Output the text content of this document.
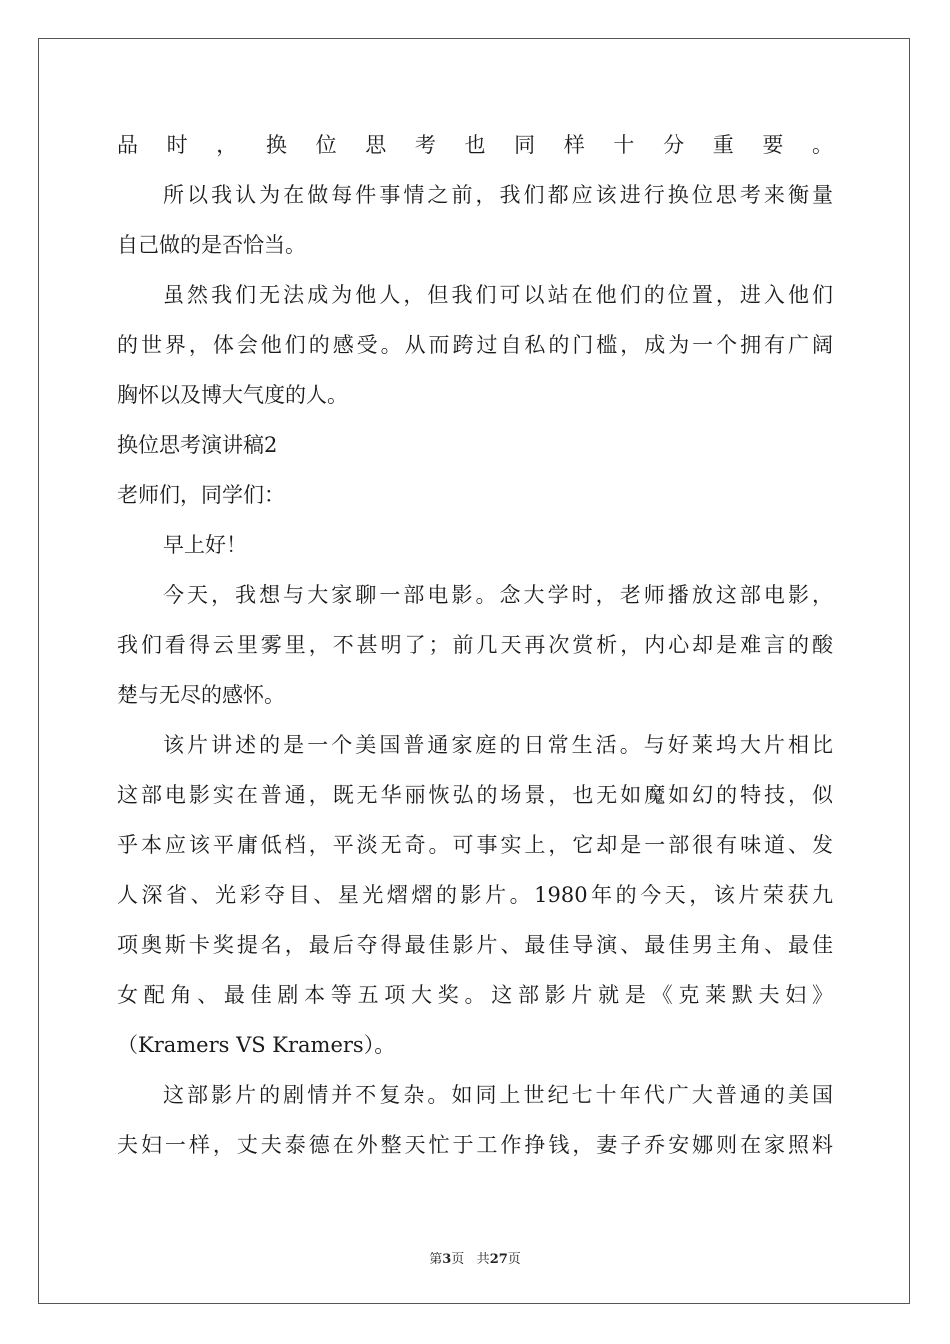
品时，换位思考也同样十分重要。
所以我认为在做每件事情之前，我们都应该进行换位思考来衡量
自己做的是否恰当。
虽然我们无法成为他人，但我们可以站在他们的位置，进入他们
的世界，体会他们的感受。从而跨过自私的门槛，成为一个拥有广阔
胸怀以及博大气度的人。
换位思考演讲稿2
老师们，同学们：
早上好！
今天，我想与大家聊一部电影。念大学时，老师播放这部电影，
我们看得云里雾里，不甚明了；前几天再次赏析，内心却是难言的酸
楚与无尽的感怀。
该片讲述的是一个美国普通家庭的日常生活。与好莱坞大片相比
这部电影实在普通，既无华丽恢弘的场景，也无如魔如幻的特技，似
乎本应该平庸低档，平淡无奇。可事实上，它却是一部很有味道、发
人深省、光彩夺目、星光熠熠的影片。1980年的今天，该片荣获九
项奥斯卡奖提名，最后夺得最佳影片、最佳导演、最佳男主角、最佳
女配角、最佳剧本等五项大奖。这部影片就是《克莱默夫妇》
（Kramers VS Kramers）。
这部影片的剧情并不复杂。如同上世纪七十年代广大普通的美国
夫妇一样，丈夫泰德在外整天忙于工作挣钱，妻子乔安娜则在家照料
第3页 共27页
